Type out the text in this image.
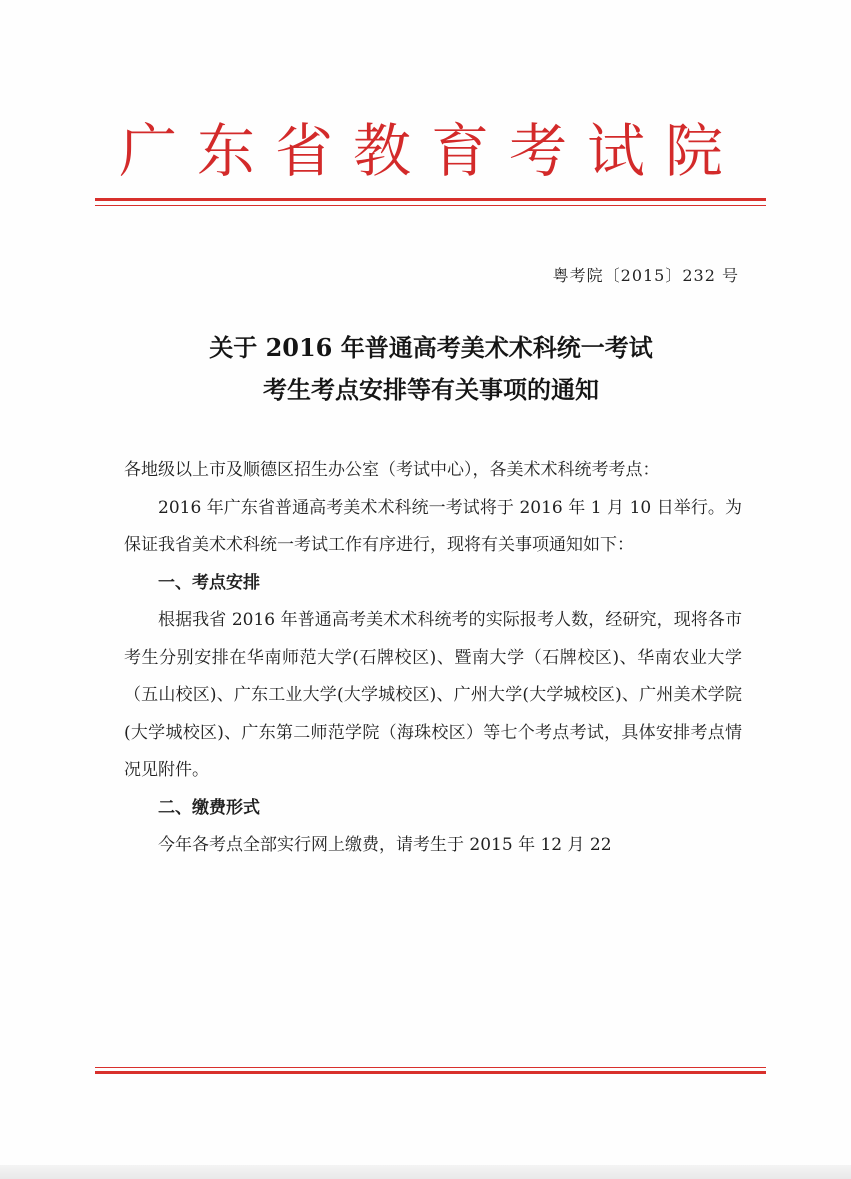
广东省教育考试院
粤考院〔2015〕232 号
关于 2016 年普通高考美术术科统一考试
考生考点安排等有关事项的通知

各地级以上市及顺德区招生办公室（考试中心），各美术术科统考考点：

2016 年广东省普通高考美术术科统一考试将于 2016 年 1 月 10 日举行。为保证我省美术术科统一考试工作有序进行，现将有关事项通知如下：

一、考点安排

根据我省 2016 年普通高考美术术科统考的实际报考人数，经研究，现将各市考生分别安排在华南师范大学(石牌校区)、暨南大学（石牌校区)、华南农业大学（五山校区)、广东工业大学(大学城校区)、广州大学(大学城校区)、广州美术学院(大学城校区)、广东第二师范学院（海珠校区）等七个考点考试，具体安排考点情况见附件。

二、缴费形式

今年各考点全部实行网上缴费，请考生于 2015 年 12 月 22
